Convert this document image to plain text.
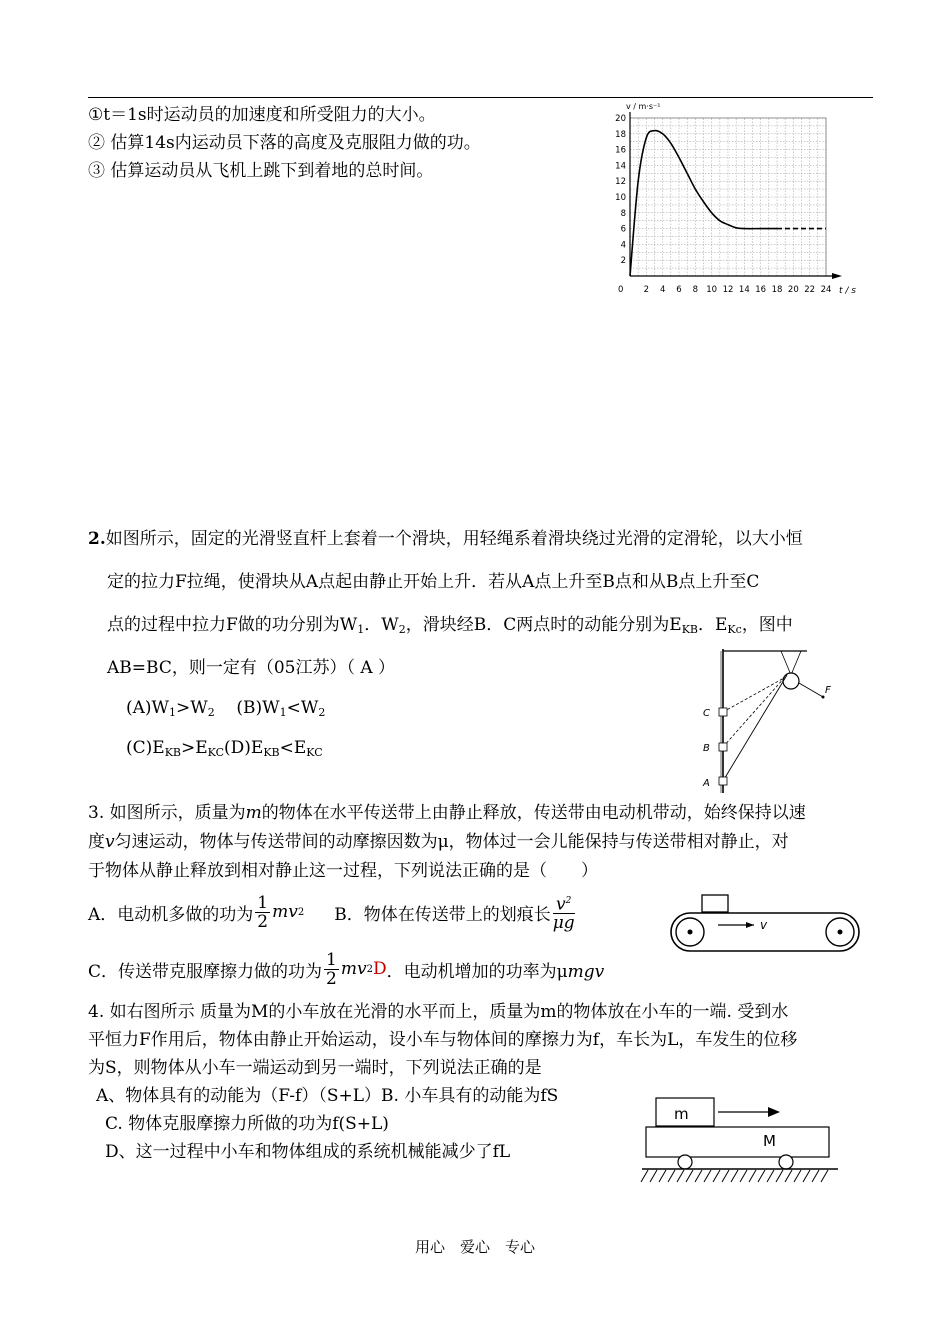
①t＝1s时运动员的加速度和所受阻力的大小。
② 估算14s内运动员下落的高度及克服阻力做的功。
③ 估算运动员从飞机上跳下到着地的总时间。
0 2 4 6 8 10 12 14 16 18 20 22 24
2
4
6
8
10
12
14
16
18
20
v / m·s⁻¹
t / s
2.如图所示，固定的光滑竖直杆上套着一个滑块，用轻绳系着滑块绕过光滑的定滑轮，以大小恒
定的拉力F拉绳，使滑块从A点起由静止开始上升．若从A点上升至B点和从B点上升至C
点的过程中拉力F做的功分别为$W_1$．$W_2$，滑块经B．C两点时的动能分别为$E_{KB}$．$E_{Kc}$，图中
AB=BC，则一定有（05江苏）（ A ）
$(A)W_1>W_2$    $(B)W_1<W_2$
$(C)E_{KB}>E_{KC}(D)E_{KB}<E_{KC}$
C
B
A
F
3. 如图所示，质量为m的物体在水平传送带上由静止释放，传送带由电动机带动，始终保持以速
度v匀速运动，物体与传送带间的动摩擦因数为μ，物体过一会儿能保持与传送带相对静止，对
于物体从静止释放到相对静止这一过程，下列说法正确的是（　　）
A．电动机多做的功为 $\frac{1}{2}$ mv 2 B．物体在传送带上的划痕长 $\frac{v^2}{\mu g}$
C．传送带克服摩擦力做的功为 $\frac{1}{2}$ mv 2 D ．电动机增加的功率为μmgv
v
4. 如右图所示 质量为M的小车放在光滑的水平而上，质量为m的物体放在小车的一端. 受到水
平恒力F作用后，物体由静止开始运动，设小车与物体间的摩擦力为f，车长为L，车发生的位移
为S，则物体从小车一端运动到另一端时，下列说法正确的是
A、物体具有的动能为（F-f）（S+L）B. 小车具有的动能为fS
C. 物体克服摩擦力所做的功为f(S+L)
D、这一过程中小车和物体组成的系统机械能减少了fL
m
M
用心　爱心　专心
